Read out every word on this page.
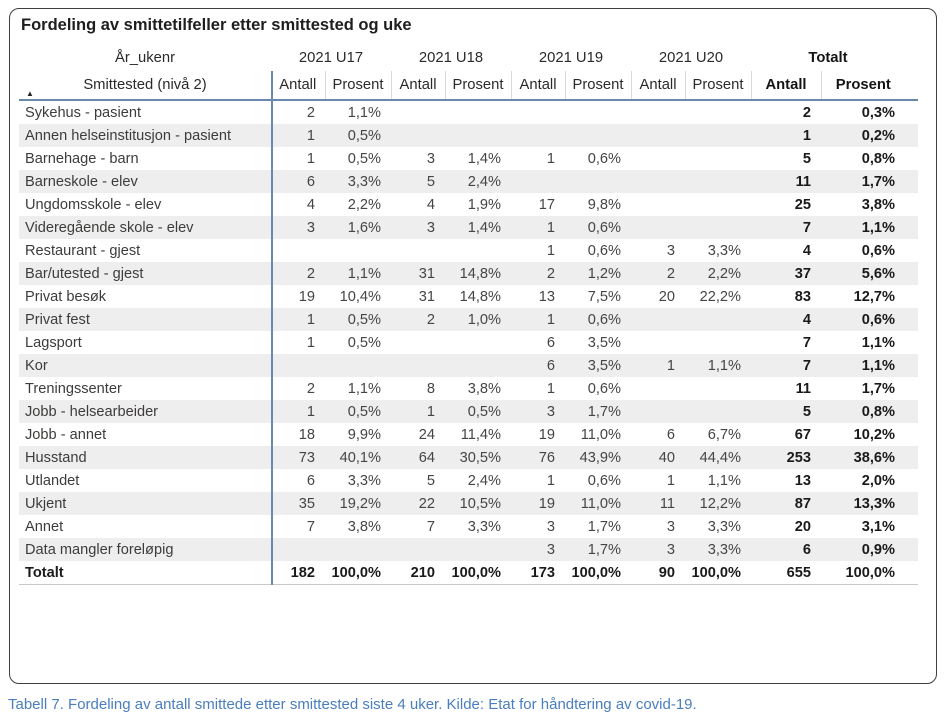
Fordeling av smittetilfeller etter smittested og uke
År_ukenr	2021 U17		2021 U18		2021 U19		2021 U20		Totalt		
Smittested (nivå 2)
▲	Antall	Prosent	Antall	Prosent	Antall	Prosent	Antall	Prosent	Antall	Prosent	
Sykehus - pasient	2	1,1%							2	0,3%	
Annen helseinstitusjon - pasient	1	0,5%							1	0,2%	
Barnehage - barn	1	0,5%	3	1,4%	1	0,6%			5	0,8%	
Barneskole - elev	6	3,3%	5	2,4%					11	1,7%	
Ungdomsskole - elev	4	2,2%	4	1,9%	17	9,8%			25	3,8%	
Videregående skole - elev	3	1,6%	3	1,4%	1	0,6%			7	1,1%	
Restaurant - gjest					1	0,6%	3	3,3%	4	0,6%	
Bar/utested - gjest	2	1,1%	31	14,8%	2	1,2%	2	2,2%	37	5,6%	
Privat besøk	19	10,4%	31	14,8%	13	7,5%	20	22,2%	83	12,7%	
Privat fest	1	0,5%	2	1,0%	1	0,6%			4	0,6%	
Lagsport	1	0,5%			6	3,5%			7	1,1%	
Kor					6	3,5%	1	1,1%	7	1,1%	
Treningssenter	2	1,1%	8	3,8%	1	0,6%			11	1,7%	
Jobb - helsearbeider	1	0,5%	1	0,5%	3	1,7%			5	0,8%	
Jobb - annet	18	9,9%	24	11,4%	19	11,0%	6	6,7%	67	10,2%	
Husstand	73	40,1%	64	30,5%	76	43,9%	40	44,4%	253	38,6%	
Utlandet	6	3,3%	5	2,4%	1	0,6%	1	1,1%	13	2,0%	
Ukjent	35	19,2%	22	10,5%	19	11,0%	11	12,2%	87	13,3%	
Annet	7	3,8%	7	3,3%	3	1,7%	3	3,3%	20	3,1%	
Data mangler foreløpig					3	1,7%	3	3,3%	6	0,9%	
Totalt	182	100,0%	210	100,0%	173	100,0%	90	100,0%	655	100,0%	
Tabell 7. Fordeling av antall smittede etter smittested siste 4 uker. Kilde: Etat for håndtering av covid-19.
